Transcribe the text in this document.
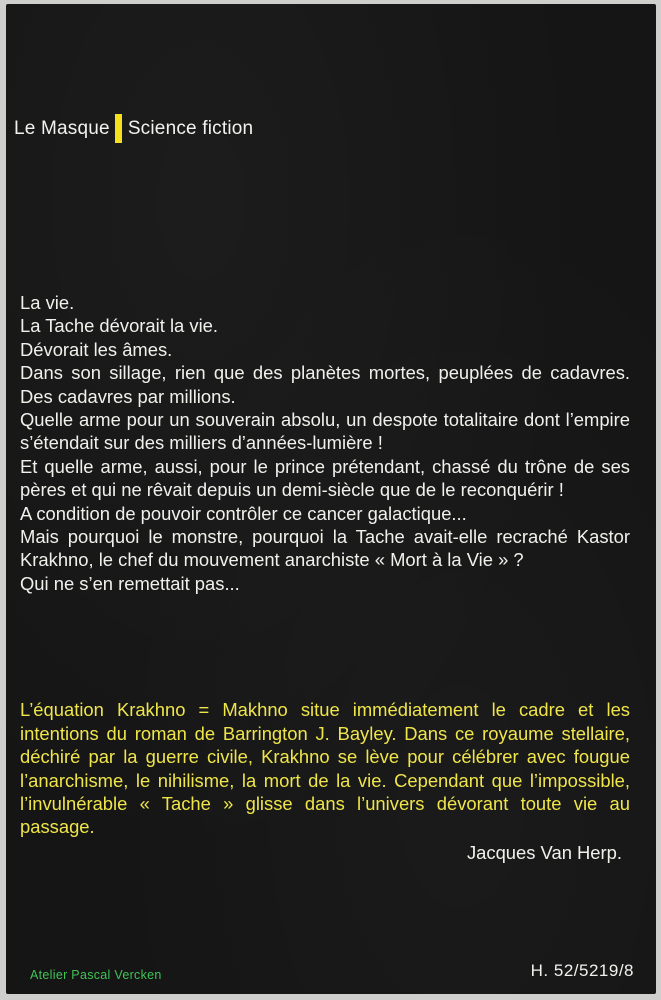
Le Masque Science fiction

La vie.

La Tache dévorait la vie.

Dévorait les âmes.

Dans son sillage, rien que des planètes mortes, peuplées de cadavres. Des cadavres par millions.

Quelle arme pour un souverain absolu, un despote totalitaire dont l’empire s’étendait sur des milliers d’années-lumière !

Et quelle arme, aussi, pour le prince prétendant, chassé du trône de ses pères et qui ne rêvait depuis un demi-siècle que de le reconquérir !

A condition de pouvoir contrôler ce cancer galactique...

Mais pourquoi le monstre, pourquoi la Tache avait-elle recraché Kastor Krakhno, le chef du mouvement anarchiste « Mort à la Vie » ?

Qui ne s’en remettait pas...

L’équation Krakhno = Makhno situe immédiatement le cadre et les intentions du roman de Barrington J. Bayley. Dans ce royaume stellaire, déchiré par la guerre civile, Krakhno se lève pour célébrer avec fougue l’anarchisme, le nihilisme, la mort de la vie. Cependant que l’impossible, l’invulnérable « Tache » glisse dans l’univers dévorant toute vie au passage.

Jacques Van Herp.
Atelier Pascal Vercken	H. 52/5219/8
